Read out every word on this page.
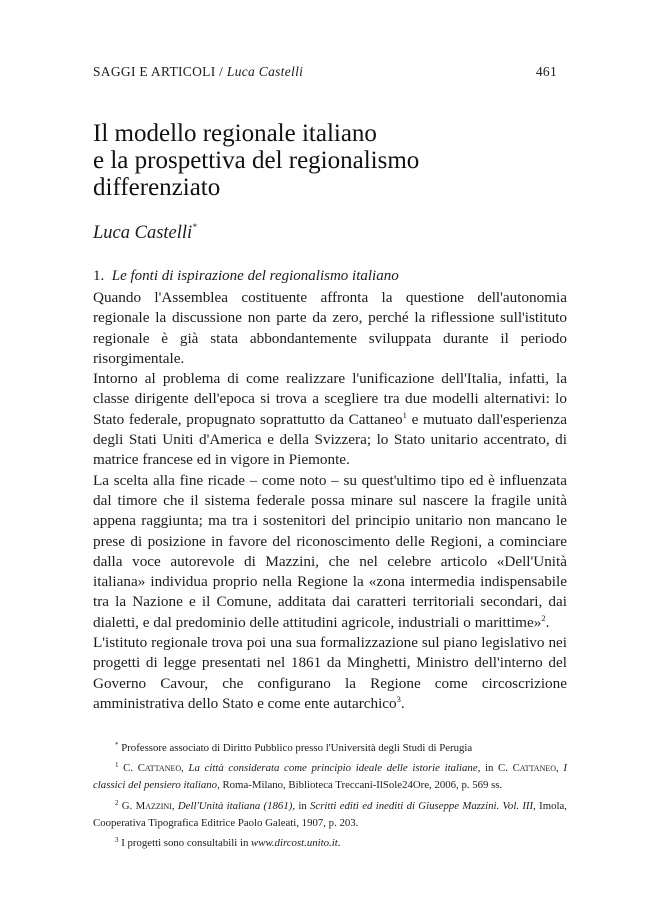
SAGGI E ARTICOLI / Luca Castelli	461
Il modello regionale italiano
e la prospettiva del regionalismo
differenziato
Luca Castelli*
1. Le fonti di ispirazione del regionalismo italiano

Quando l'Assemblea costituente affronta la questione dell'autonomia regionale la discussione non parte da zero, perché la riflessione sull'istituto regionale è già stata abbondantemente sviluppata durante il periodo risorgimentale.

Intorno al problema di come realizzare l'unificazione dell'Italia, infatti, la classe dirigente dell'epoca si trova a scegliere tra due modelli alternativi: lo Stato federale, propugnato soprattutto da Cattaneo$^1$ e mutuato dall'esperienza degli Stati Uniti d'America e della Svizzera; lo Stato unitario accentrato, di matrice francese ed in vigore in Piemonte.

La scelta alla fine ricade – come noto – su quest'ultimo tipo ed è influenzata dal timore che il sistema federale possa minare sul nascere la fragile unità appena raggiunta; ma tra i sostenitori del principio unitario non mancano le prese di posizione in favore del riconoscimento delle Regioni, a cominciare dalla voce autorevole di Mazzini, che nel celebre articolo «Dell'Unità italiana» individua proprio nella Regione la «zona intermedia indispensabile tra la Nazione e il Comune, additata dai caratteri territoriali secondari, dai dialetti, e dal predominio delle attitudini agricole, industriali o marittime»$^2$.

L'istituto regionale trova poi una sua formalizzazione sul piano legislativo nei progetti di legge presentati nel 1861 da Minghetti, Ministro dell'interno del Governo Cavour, che configurano la Regione come circoscrizione amministrativa dello Stato e come ente autarchico$^3$.

* Professore associato di Diritto Pubblico presso l'Università degli Studi di Perugia

$^1$ C. Cattaneo, La città considerata come principio ideale delle istorie italiane, in C. Cattaneo, I classici del pensiero italiano, Roma-Milano, Biblioteca Treccani-IlSole24Ore, 2006, p. 569 ss.

$^2$ G. Mazzini, Dell'Unità italiana (1861), in Scritti editi ed inediti di Giuseppe Mazzini. Vol. III, Imola, Cooperativa Tipografica Editrice Paolo Galeati, 1907, p. 203.

$^3$ I progetti sono consultabili in www.dircost.unito.it.
